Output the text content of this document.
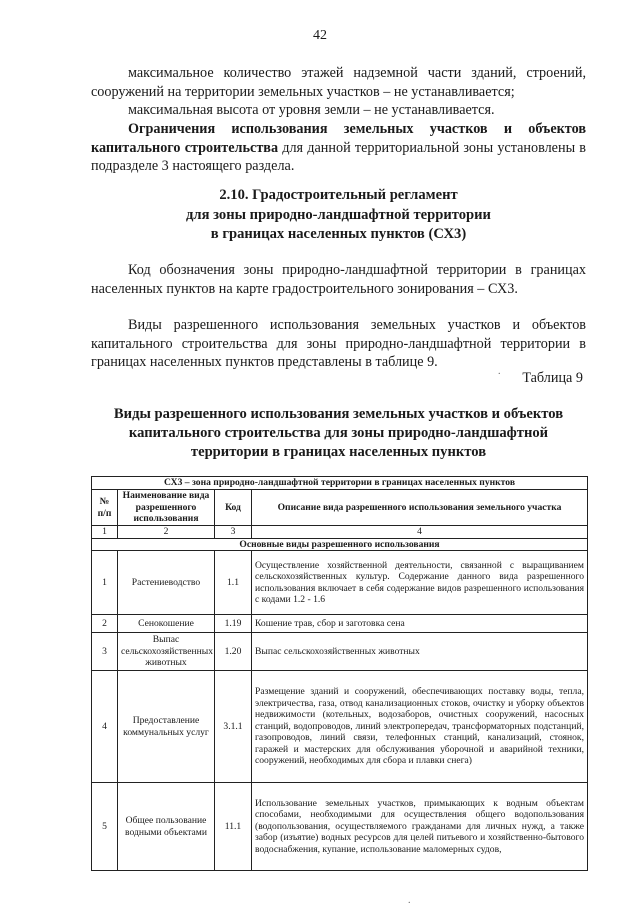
42
максимальное количество этажей надземной части зданий, строений, сооружений на территории земельных участков – не устанавливается;
максимальная высота от уровня земли – не устанавливается.
Ограничения использования земельных участков и объектов капитального строительства для данной территориальной зоны установлены в подразделе 3 настоящего раздела.
2.10. Градостроительный регламент
для зоны природно-ландшафтной территории
в границах населенных пунктов (СХ3)
Код обозначения зоны природно-ландшафтной территории в границах населенных пунктов на карте градостроительного зонирования – СХ3.
Виды разрешенного использования земельных участков и объектов капитального строительства для зоны природно-ландшафтной территории в границах населенных пунктов представлены в таблице 9.
Таблица 9
Виды разрешенного использования земельных участков и объектов
капитального строительства для зоны природно-ландшафтной
территории в границах населенных пунктов
СХ3 – зона природно-ландшафтной территории в границах населенных пунктов			
№ п/п	Наименование вида разрешенного использования	Код	Описание вида разрешенного использования земельного участка
1	2	3	4
Основные виды разрешенного использования			
1	Растениеводство	1.1	Осуществление хозяйственной деятельности, связанной с выращиванием сельскохозяйственных культур. Содержание данного вида разрешенного использования включает в себя содержание видов разрешенного использования с кодами 1.2 - 1.6
2	Сенокошение	1.19	Кошение трав, сбор и заготовка сена
3	Выпас сельскохозяйственных животных	1.20	Выпас сельскохозяйственных животных
4	Предоставление коммунальных услуг	3.1.1	Размещение зданий и сооружений, обеспечивающих поставку воды, тепла, электричества, газа, отвод канализационных стоков, очистку и уборку объектов недвижимости (котельных, водозаборов, очистных сооружений, насосных станций, водопроводов, линий электропередач, трансформаторных подстанций, газопроводов, линий связи, телефонных станций, канализаций, стоянок, гаражей и мастерских для обслуживания уборочной и аварийной техники, сооружений, необходимых для сбора и плавки снега)
5	Общее пользование водными объектами	11.1	Использование земельных участков, примыкающих к водным объектам способами, необходимыми для осуществления общего водопользования (водопользования, осуществляемого гражданами для личных нужд, а также забор (изъятие) водных ресурсов для целей питьевого и хозяйственно-бытового водоснабжения, купание, использование маломерных судов,
.
.
